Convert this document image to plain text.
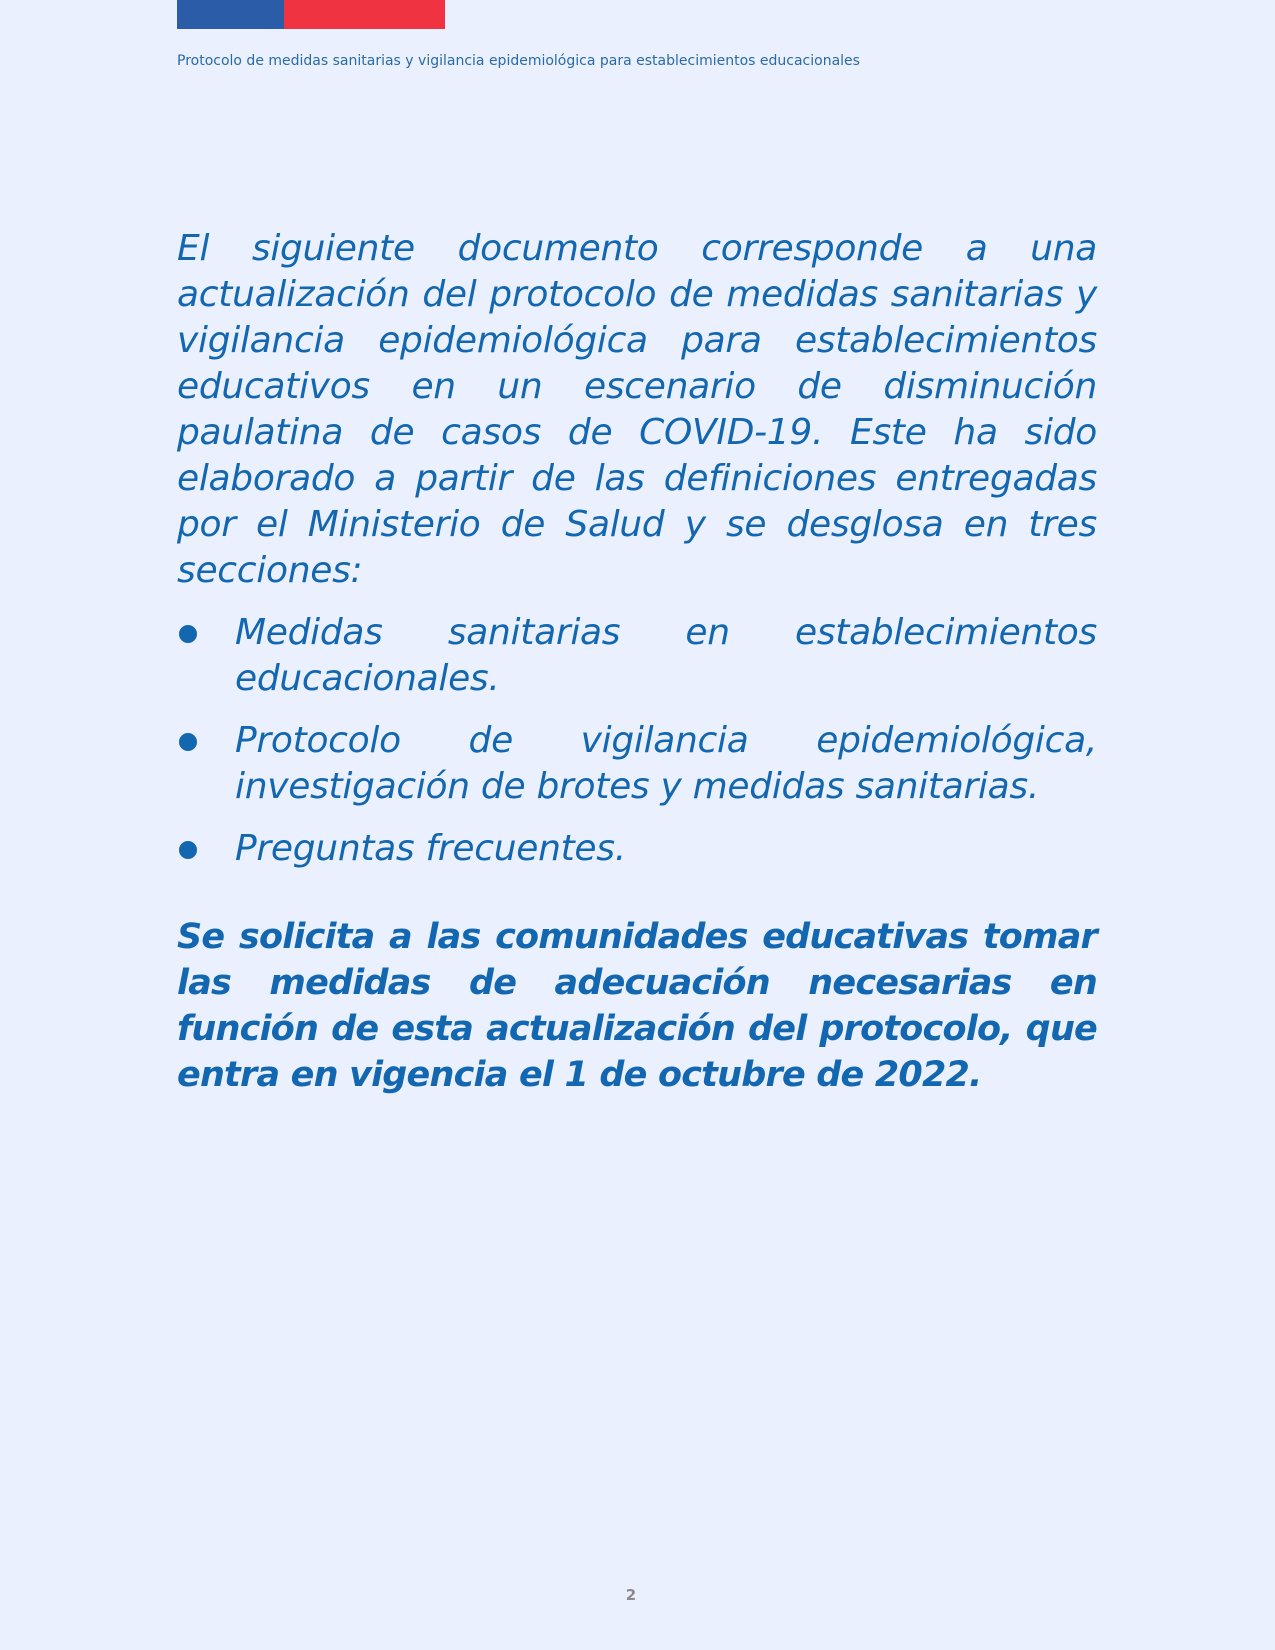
Protocolo de medidas sanitarias y vigilancia epidemiológica para establecimientos educacionales

El siguiente documento corresponde a una actualización del protocolo de medidas sanitarias y vigilancia epidemiológica para establecimientos educativos en un escenario de disminución paulatina de casos de COVID-19. Este ha sido elaborado a partir de las definiciones entregadas por el Ministerio de Salud y se desglosa en tres secciones:

Medidas sanitarias en establecimientos educacionales.
Protocolo de vigilancia epidemiológica, investigación de brotes y medidas sanitarias.
Preguntas frecuentes.

Se solicita a las comunidades educativas tomar las medidas de adecuación necesarias en función de esta actualización del protocolo, que entra en vigencia el 1 de octubre de 2022.

2
